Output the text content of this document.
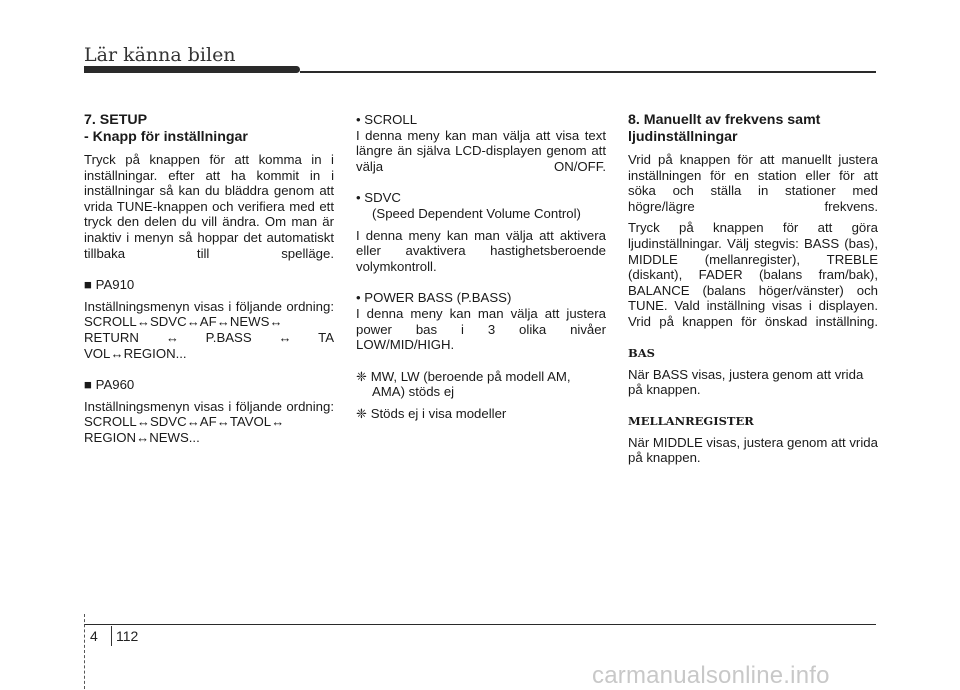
Lär känna bilen

7. SETUP

- Knapp för inställningar

Tryck på knappen för att komma in i inställningar. efter att ha kommit in i inställningar så kan du bläddra genom att vrida TUNE-knappen och verifiera med ett tryck den delen du vill ändra. Om man är inaktiv i menyn så hoppar det automatiskt tillbaka till spelläge.

■ PA910

Inställningsmenyn visas i följande ordning:

SCROLL↔SDVC↔AF↔NEWS↔

RETURN ↔ P.BASS ↔ TA

VOL↔REGION...

■ PA960

Inställningsmenyn visas i följande ordning:

SCROLL↔SDVC↔AF↔TAVOL↔

REGION↔NEWS...

• SCROLL

I denna meny kan man välja att visa text längre än själva LCD-displayen genom att välja ON/OFF.

• SDVC

(Speed Dependent Volume Control)

I denna meny kan man välja att aktivera eller avaktivera hastighetsberoende volymkontroll.

• POWER BASS (P.BASS)

I denna meny kan man välja att justera power bas i 3 olika nivåer LOW/MID/HIGH.

❈ MW, LW (beroende på modell AM, AMA) stöds ej

❈ Stöds ej i visa modeller

8. Manuellt av frekvens samt

ljudinställningar

Vrid på knappen för att manuellt justera inställningen för en station eller för att söka och ställa in stationer med högre/lägre frekvens.

Tryck på knappen för att göra ljudinställningar. Välj stegvis: BASS (bas), MIDDLE (mellanregister), TREBLE (diskant), FADER (balans fram/bak), BALANCE (balans höger/vänster) och TUNE. Vald inställning visas i displayen. Vrid på knappen för önskad inställning.

BAS

När BASS visas, justera genom att vrida på knappen.

MELLANREGISTER

När MIDDLE visas, justera genom att vrida på knappen.

4 112
carmanualsonline.info
